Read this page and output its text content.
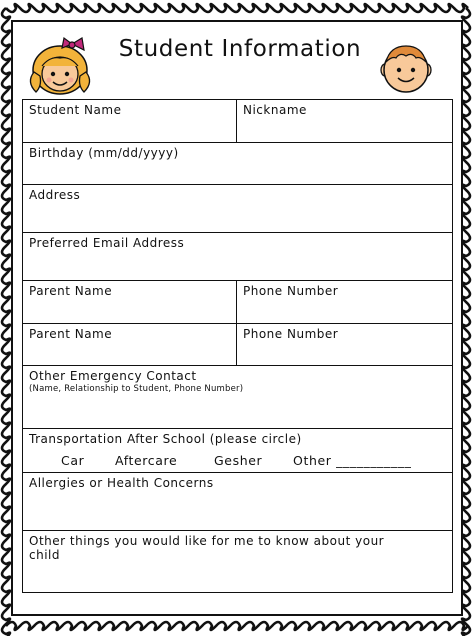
Student Information
Student Name	Nickname
Birthday (mm/dd/yyyy)
Address
Preferred Email Address
Parent Name	Phone Number
Parent Name	Phone Number
Other Emergency Contact
(Name, Relationship to Student, Phone Number)
Transportation After School (please circle)
Car Aftercare	Gesher Other ___________
Allergies or Health Concerns
Other things you would like for me to know about your
child
